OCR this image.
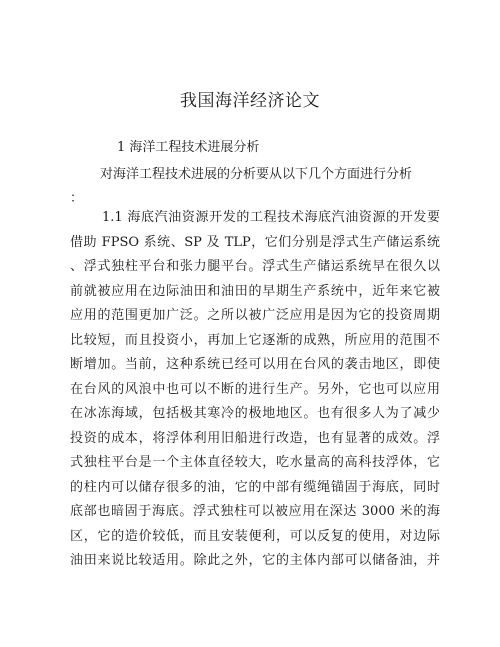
我国海洋经济论文

1 海洋工程技术进展分析

对海洋工程技术进展的分析要从以下几个方面进行分析

：

1.1 海底汽油资源开发的工程技术海底汽油资源的开发要
借助 FPSO 系统、SP 及 TLP，它们分别是浮式生产储运系统
、浮式独柱平台和张力腿平台。浮式生产储运系统早在很久以
前就被应用在边际油田和油田的早期生产系统中，近年来它被
应用的范围更加广泛。之所以被广泛应用是因为它的投资周期
比较短，而且投资小，再加上它逐渐的成熟，所应用的范围不
断增加。当前，这种系统已经可以用在台风的袭击地区，即使
在台风的风浪中也可以不断的进行生产。另外，它也可以应用
在冰冻海域，包括极其寒冷的极地地区。也有很多人为了减少
投资的成本，将浮体利用旧船进行改造，也有显著的成效。浮
式独柱平台是一个主体直径较大，吃水量高的高科技浮体，它
的柱内可以储存很多的油，它的中部有缆绳锚固于海底，同时
底部也暗固于海底。浮式独柱可以被应用在深达 3000 米的海
区，它的造价较低，而且安装便利，可以反复的使用，对边际
油田来说比较适用。除此之外，它的主体内部可以储备油，并
